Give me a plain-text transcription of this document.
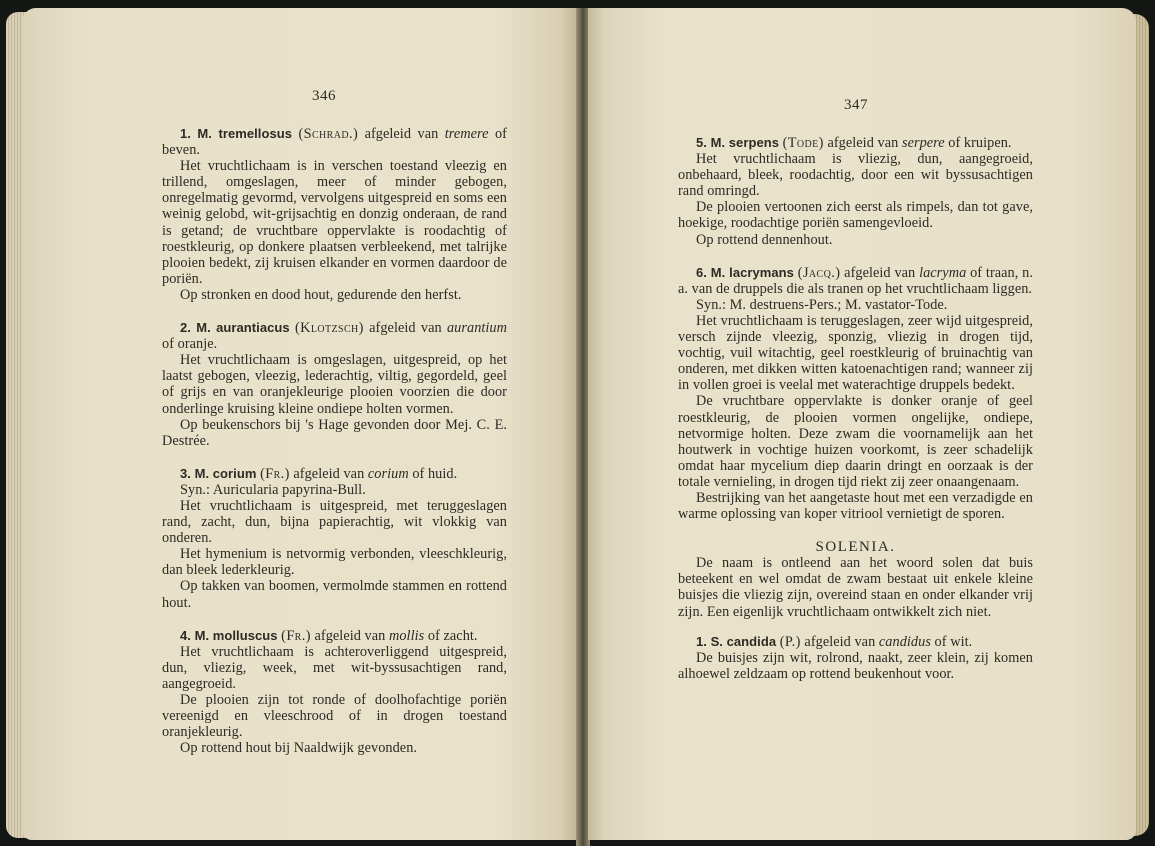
346

1. M. tremellosus (Schrad.) afgeleid van tremere of beven.

Het vruchtlichaam is in verschen toestand vleezig en trillend, omgeslagen, meer of minder gebogen, onregelmatig gevormd, vervolgens uitgespreid en soms een weinig gelobd, wit-grijsachtig en donzig onderaan, de rand is getand; de vruchtbare oppervlakte is roodachtig of roestkleurig, op donkere plaatsen verbleekend, met talrijke plooien bedekt, zij kruisen elkander en vormen daardoor de poriën.

Op stronken en dood hout, gedurende den herfst.

2. M. aurantiacus (Klotzsch) afgeleid van aurantium of oranje.

Het vruchtlichaam is omgeslagen, uitgespreid, op het laatst gebogen, vleezig, lederachtig, viltig, gegordeld, geel of grijs en van oranjekleurige plooien voorzien die door onderlinge kruising kleine ondiepe holten vormen.

Op beukenschors bij 's Hage gevonden door Mej. C. E. Destrée.

3. M. corium (Fr.) afgeleid van corium of huid.

Syn.: Auricularia papyrina-Bull.

Het vruchtlichaam is uitgespreid, met teruggeslagen rand, zacht, dun, bijna papierachtig, wit vlokkig van onderen.

Het hymenium is netvormig verbonden, vleeschkleurig, dan bleek lederkleurig.

Op takken van boomen, vermolmde stammen en rottend hout.

4. M. molluscus (Fr.) afgeleid van mollis of zacht.

Het vruchtlichaam is achteroverliggend uitgespreid, dun, vliezig, week, met wit-byssusachtigen rand, aangegroeid.

De plooien zijn tot ronde of doolhofachtige poriën vereenigd en vleeschrood of in drogen toestand oranjekleurig.

Op rottend hout bij Naaldwijk gevonden.

347

5. M. serpens (Tode) afgeleid van serpere of kruipen.

Het vruchtlichaam is vliezig, dun, aangegroeid, onbehaard, bleek, roodachtig, door een wit byssusachtigen rand omringd.

De plooien vertoonen zich eerst als rimpels, dan tot gave, hoekige, roodachtige poriën samengevloeid.

Op rottend dennenhout.

6. M. lacrymans (Jacq.) afgeleid van lacryma of traan, n. a. van de druppels die als tranen op het vruchtlichaam liggen.

Syn.: M. destruens-Pers.; M. vastator-Tode.

Het vruchtlichaam is teruggeslagen, zeer wijd uitgespreid, versch zijnde vleezig, sponzig, vliezig in drogen tijd, vochtig, vuil witachtig, geel roestkleurig of bruinachtig van onderen, met dikken witten katoenachtigen rand; wanneer zij in vollen groei is veelal met waterachtige druppels bedekt.

De vruchtbare oppervlakte is donker oranje of geel roestkleurig, de plooien vormen ongelijke, ondiepe, netvormige holten. Deze zwam die voornamelijk aan het houtwerk in vochtige huizen voorkomt, is zeer schadelijk omdat haar mycelium diep daarin dringt en oorzaak is der totale vernieling, in drogen tijd riekt zij zeer onaangenaam.

Bestrijking van het aangetaste hout met een verzadigde en warme oplossing van koper vitriool vernietigt de sporen.

SOLENIA.

De naam is ontleend aan het woord solen dat buis beteekent en wel omdat de zwam bestaat uit enkele kleine buisjes die vliezig zijn, overeind staan en onder elkander vrij zijn. Een eigenlijk vruchtlichaam ontwikkelt zich niet.

1. S. candida (P.) afgeleid van candidus of wit.

De buisjes zijn wit, rolrond, naakt, zeer klein, zij komen alhoewel zeldzaam op rottend beukenhout voor.
